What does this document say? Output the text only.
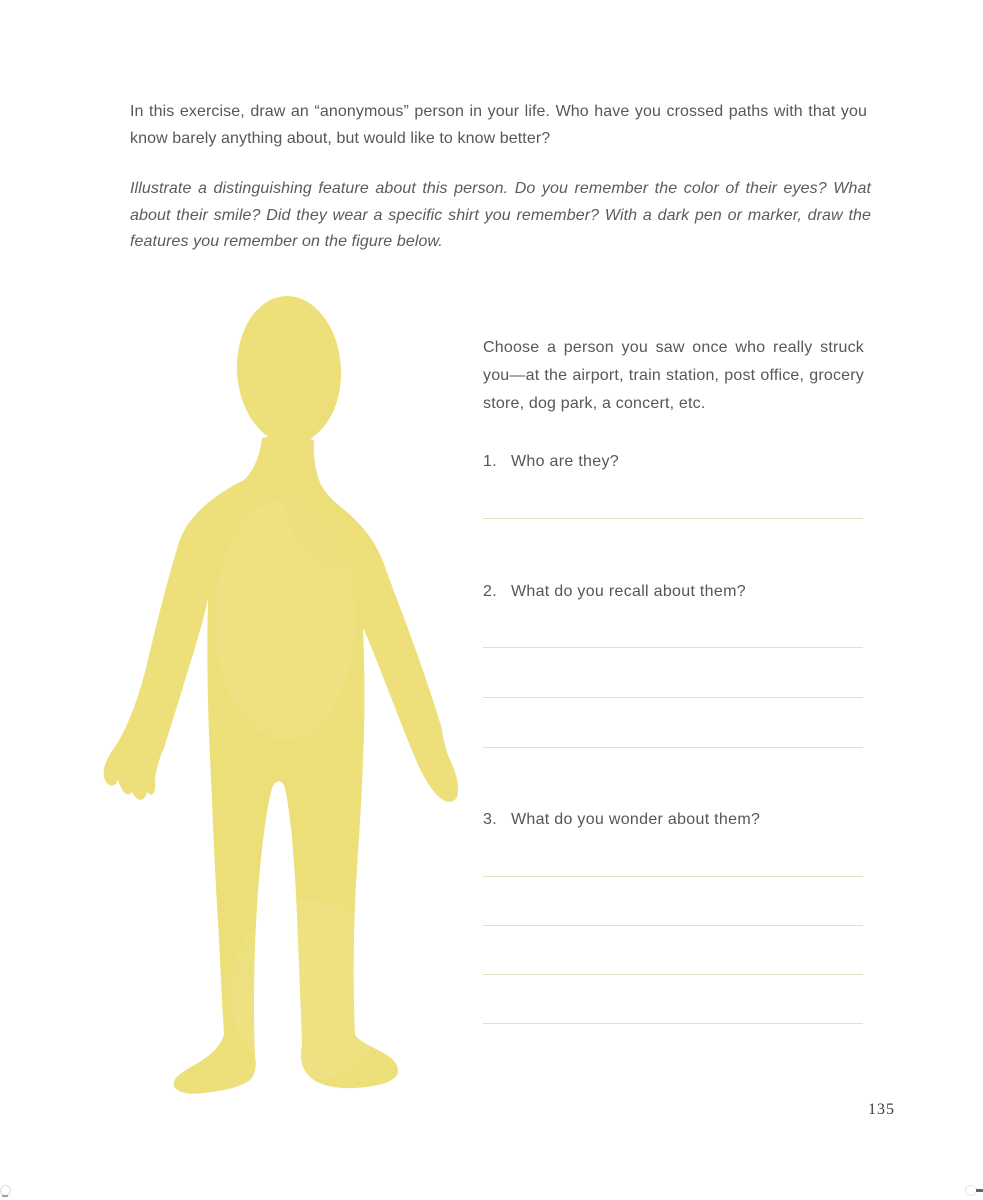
In this exercise, draw an “anonymous” person in your life. Who have you crossed paths with that you know barely anything about, but would like to know better?

Illustrate a distinguishing feature about this person. Do you remember the color of their eyes? What about their smile? Did they wear a specific shirt you remember? With a dark pen or marker, draw the features you remember on the figure below.

Choose a person you saw once who really struck you—at the airport, train station, post office, grocery store, dog park, a concert, etc.

1. Who are they?
2. What do you recall about them?
3. What do you wonder about them?
135
